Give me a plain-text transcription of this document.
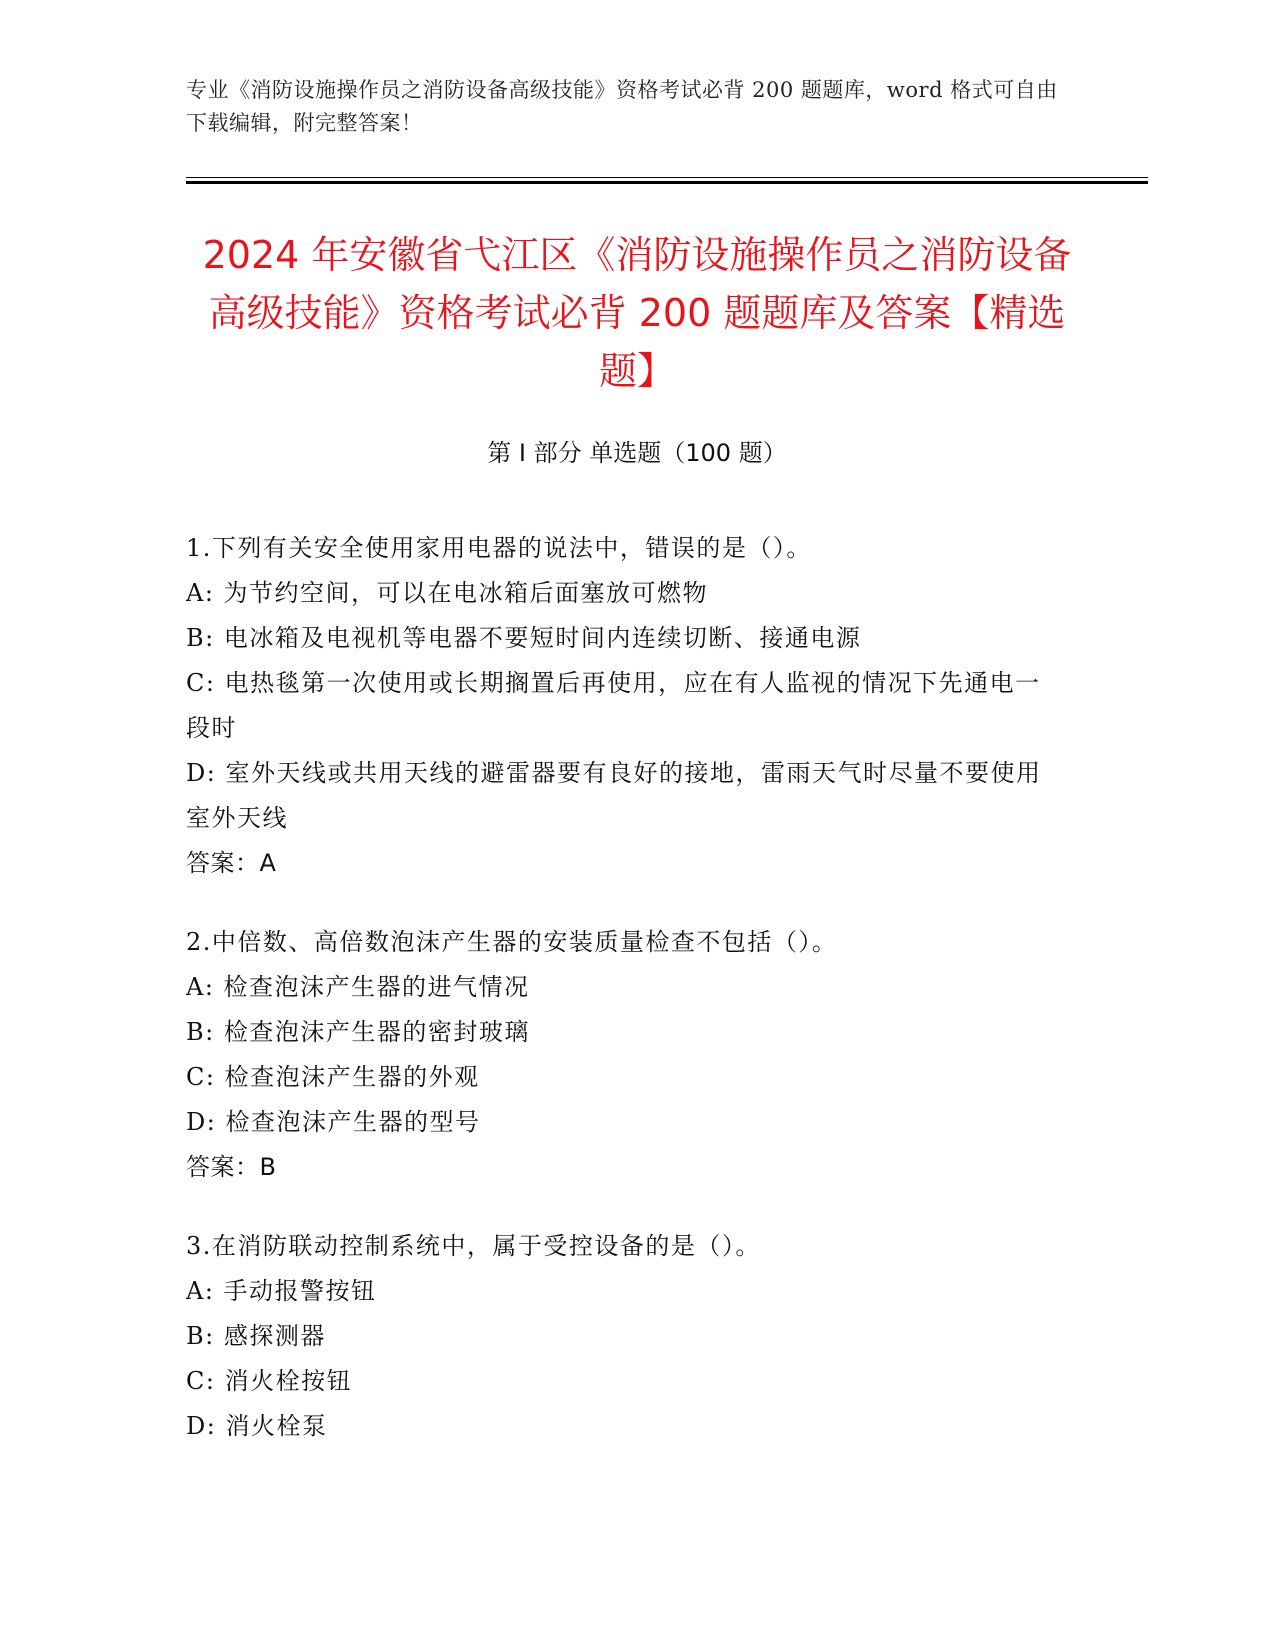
专业《消防设施操作员之消防设备高级技能》资格考试必背 200 题题库，word 格式可自由下载编辑，附完整答案！
2024 年安徽省弋江区《消防设施操作员之消防设备高级技能》资格考试必背 200 题题库及答案【精选题】
第 I 部分 单选题（100 题）
1.下列有关安全使用家用电器的说法中，错误的是（）。
A: 为节约空间，可以在电冰箱后面塞放可燃物
B: 电冰箱及电视机等电器不要短时间内连续切断、接通电源
C: 电热毯第一次使用或长期搁置后再使用，应在有人监视的情况下先通电一段时
D: 室外天线或共用天线的避雷器要有良好的接地，雷雨天气时尽量不要使用室外天线
答案：A
2.中倍数、高倍数泡沫产生器的安装质量检查不包括（）。
A: 检查泡沫产生器的进气情况
B: 检查泡沫产生器的密封玻璃
C: 检查泡沫产生器的外观
D: 检查泡沫产生器的型号
答案：B
3.在消防联动控制系统中，属于受控设备的是（）。
A: 手动报警按钮
B: 感探测器
C: 消火栓按钮
D: 消火栓泵
